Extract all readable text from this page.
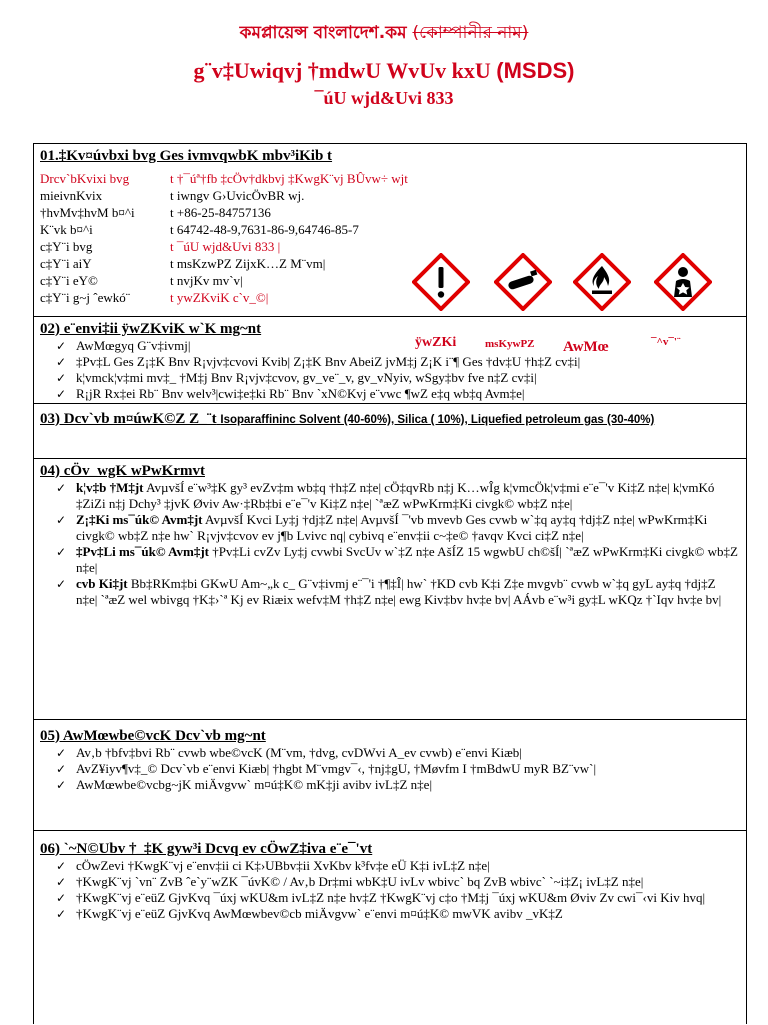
কমপ্লায়েন্স বাংলাদেশ.কম (কোম্পানীর নাম)
g¨v‡Uwiqvj †mdwU WvUv kxU (MSDS)
¯úU wjd&Uvi 833
ÿwZKi	msKywPZ AwMœ	¯^v¯'¨
01.‡Kv¤úvbxi bvg Ges ivmvqwbK mbv³iKib t
Drcv`bKvixi bvg	t †¯úª†fb ‡cÖv†dkbvj ‡KwgK¨vj BÛvw÷ wjt
mieivnKvix	t iwngv G›UvicÖvBR wj.
†hvMv‡hvM b¤^i	t +86-25-84757136
K¨vk b¤^i	t 64742-48-9,7631-86-9,64746-85-7
c‡Y¨i bvg	t ¯úU wjd&Uvi 833 |
c‡Y¨i aiY	t msKzwPZ ZijxK…Z M¨vm|
c‡Y¨i eY©	t nvjKv mv`v|
c‡Y¨i g~j ˆewkó¨	t ywZKviK c`v_©|
02) e¨envi‡ii ÿwZKviK w`K mg~nt
✓ AwMœgyq G¨v‡ivmj|
✓ ‡Pv‡L Ges Z¡‡K Bnv R¡vjv‡cvovi Kvib| Z¡‡K Bnv AbeiZ jvM‡j Z¡K i¨¶ Ges †dv‡U †h‡Z cv‡i|
✓ k¦vmck¦v‡mi mv‡_ †M‡j Bnv R¡vjv‡cvov, gv_ve¨_v, gv_vNyiv, wSgy‡bv fve n‡Z cv‡i|
✓ R¡jR Rx‡ei Rb¨ Bnv welv³|cwi‡e‡ki Rb¨ Bnv `xN©Kvj e¨vwc ¶wZ e‡q wb‡q Avm‡e|
03) Dcv`vb m¤úwK©Z Z_¨t Isoparaffininc Solvent (40-60%), Silica ( 10%), Liquefied petroleum gas (30-40%)
04) cÖv_wgK wPwKrmvt
✓ k¦v‡b †M‡jt AvµvšÍ e¨w³‡K gy³ evZv‡m wb‡q †h‡Z n‡e| cÖ‡qvRb n‡j K…wÎg k¦vmcÖk¦v‡mi e¨e¯'v Ki‡Z n‡e| k¦vmKó ‡ZiZi n‡j Dchy³ ‡jvK Øviv Aw·‡Rb‡bi e¨e¯'v Ki‡Z n‡e| `ªæZ wPwKrm‡Ki civgk© wb‡Z n‡e|
✓ Z¡‡Ki ms¯úk© Avm‡jt AvµvšÍ Kvci Ly‡j †dj‡Z n‡e| AvµvšÍ ¯'vb mvevb Ges cvwb w`‡q ay‡q †dj‡Z n‡e| wPwKrm‡Ki civgk© wb‡Z n‡e hw` R¡vjv‡cvov ev j¶b Lvivc nq| cybivq e¨env‡ii c~‡e© †avqv Kvci ci‡Z n‡e|
✓ ‡Pv‡Li ms¯úk© Avm‡jt †Pv‡Li cvZv Ly‡j cvwbi SvcUv w`‡Z n‡e AšÍZ 15 wgwbU ch©šÍ| `ªæZ wPwKrm‡Ki civgk© wb‡Z n‡e|
✓ cvb Ki‡jt Bb‡RKm‡bi GKwU Am~„k c_ G¨v‡ivmj e¨¯'i †¶‡Î| hw` †KD cvb K‡i Z‡e mvgvb¨ cvwb w`‡q gyL ay‡q †dj‡Z n‡e| `ªæZ wel wbivgq †K‡›`ª Kj ev Riæix wefv‡M †h‡Z n‡e| ewg Kiv‡bv hv‡e bv| AÁvb e¨w³i gy‡L wKQz †`Iqv hv‡e bv|
05) AwMœwbe©vcK Dcv`vb mg~nt
✓ Av‚b †bfv‡bvi Rb¨ cvwb wbe©vcK (M¨vm, †dvg, cvDWvi A_ev cvwb) e¨envi Kiæb|
✓ AvZ¥iyv¶v‡_© Dcv`vb e¨envi Kiæb| †hgbt M¨vmgv¯‹, †nj‡gU, †Møvfm I †mBdwU myR BZ¨vw`|
✓ AwMœwbe©vcbg~jK miÄvgvw` m¤ú‡K© mK‡ji avibv ivL‡Z n‡e|
06) `~N©Ubv †_‡K gyw³i Dcvq ev cÖwZ‡iva e¨e¯'vt
✓ cÖwZevi †KwgK¨vj e¨env‡ii ci K‡›UBbv‡ii XvKbv k³fv‡e eÜ K‡i ivL‡Z n‡e|
✓ †KwgK¨vj `vn¨ ZvB ˆe`y¨wZK ¯úvK© / Av‚b Dr‡mi wbK‡U ivLv wbivc` bq ZvB wbivc` `~i‡Z¡ ivL‡Z n‡e|
✓ †KwgK¨vj e¨eüZ GjvKvq ¯úxj wKU&m ivL‡Z n‡e hv‡Z †KwgK¨vj c‡o †M‡j ¯úxj wKU&m Øviv Zv cwi¯‹vi Kiv hvq|
✓ †KwgK¨vj e¨eüZ GjvKvq AwMœwbev©cb miÄvgvw` e¨envi m¤ú‡K© mwVK avibv _vK‡Z
